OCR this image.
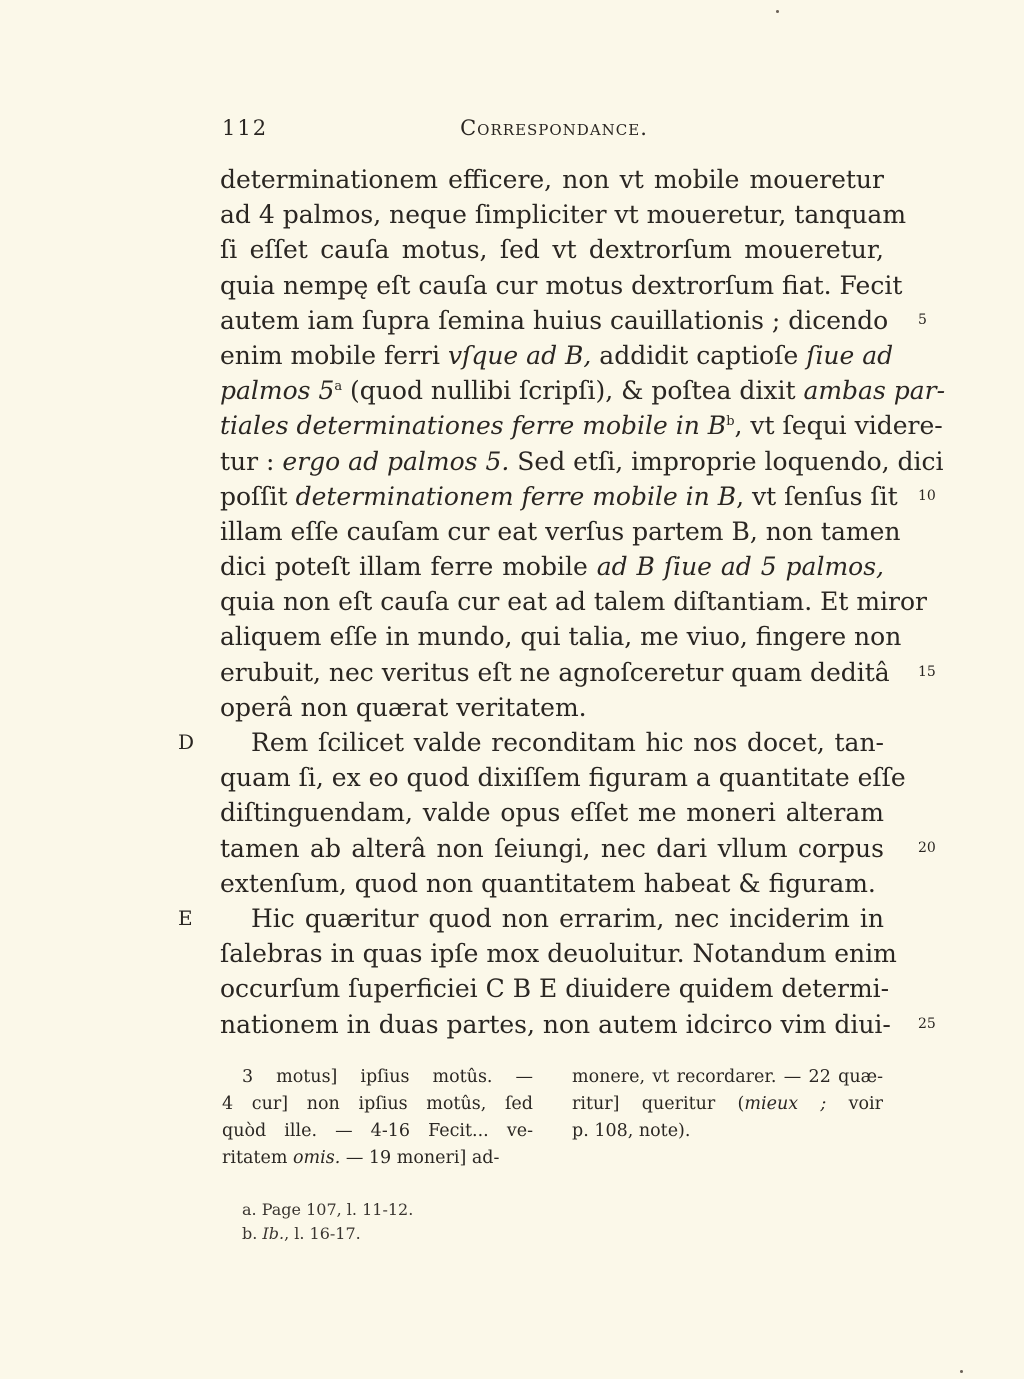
112	Correspondance.
determinationem efficere, non vt mobile moueretur
ad 4 palmos, neque ſimpliciter vt moueretur, tanquam
ſi eſſet cauſa motus, ſed vt dextrorſum moueretur,
quia nempę eſt cauſa cur motus dextrorſum fiat. Fecit
autem iam ſupra ſemina huius cauillationis ; dicendo 5
enim mobile ferri vſque ad B, addidit captioſe ſiue ad
palmos 5$^a$ (quod nullibi ſcripſi), & poſtea dixit ambas par-
tiales determinationes ferre mobile in $B^b$, vt ſequi videre-
tur : ergo ad palmos 5. Sed etſi, improprie loquendo, dici
poſſit determinationem ferre mobile in B, vt ſenſus ſit 10
illam eſſe cauſam cur eat verſus partem B, non tamen
dici poteſt illam ferre mobile ad B ſiue ad 5 palmos,
quia non eſt cauſa cur eat ad talem diſtantiam. Et miror
aliquem eſſe in mundo, qui talia, me viuo, fingere non
erubuit, nec veritus eſt ne agnoſceretur quam deditâ 15
operâ non quærat veritatem.
Rem ſcilicet valde reconditam hic nos docet, tan-
D
quam ſi, ex eo quod dixiſſem figuram a quantitate eſſe
diſtinguendam, valde opus eſſet me moneri alteram
tamen ab alterâ non ſeiungi, nec dari vllum corpus 20
extenſum, quod non quantitatem habeat & figuram.
Hic quæritur quod non errarim, nec inciderim in
E
ſalebras in quas ipſe mox deuoluitur. Notandum enim
occurſum ſuperficiei C B E diuidere quidem determi-
nationem in duas partes, non autem idcirco vim diui- 25
3 motus] ipſius motûs. —
4 cur] non ipſius motûs, ſed
quòd ille. — 4-16 Fecit... ve-
ritatem omis. — 19 moneri] ad-
monere, vt recordarer. — 22 quæ-
ritur] queritur (mieux ; voir
p. 108, note).
a. Page 107, l. 11-12.
b. Ib., l. 16-17.
